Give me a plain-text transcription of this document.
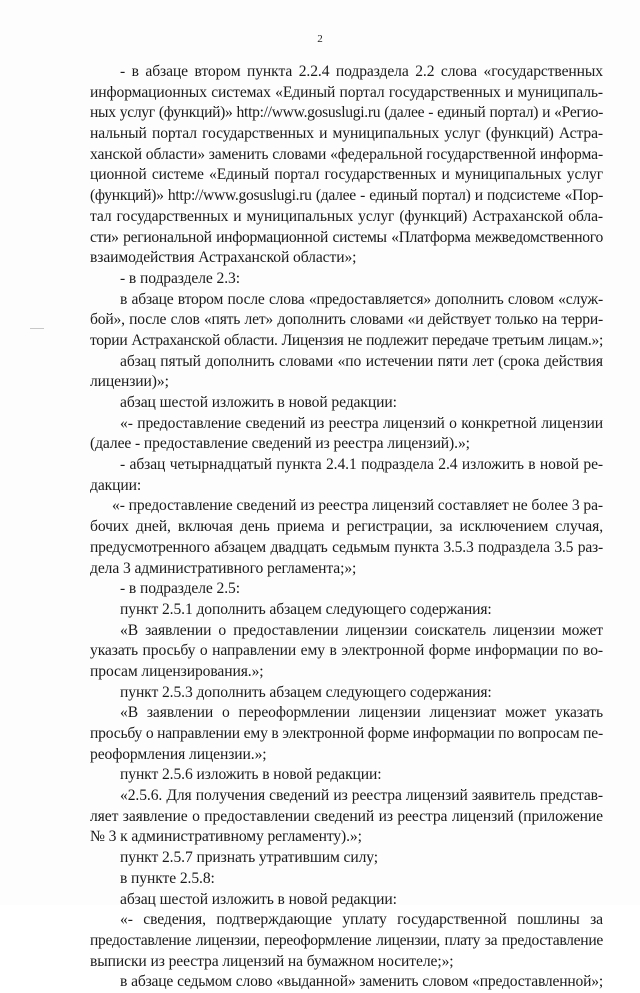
2
- в абзаце втором пункта 2.2.4 подраздела 2.2 слова «государственных
информационных системах «Единый портал государственных и муниципаль-
ных услуг (функций)» http://www.gosuslugi.ru (далее - единый портал) и «Регио-
нальный портал государственных и муниципальных услуг (функций) Астра-
ханской области» заменить словами «федеральной государственной информа-
ционной системе «Единый портал государственных и муниципальных услуг
(функций)» http://www.gosuslugi.ru (далее - единый портал) и подсистеме «Пор-
тал государственных и муниципальных услуг (функций) Астраханской обла-
сти» региональной информационной системы «Платформа межведомственного
взаимодействия Астраханской области»;
- в подразделе 2.3:
в абзаце втором после слова «предоставляется» дополнить словом «служ-
бой», после слов «пять лет» дополнить словами «и действует только на терри-
тории Астраханской области. Лицензия не подлежит передаче третьим лицам.»;
абзац пятый дополнить словами «по истечении пяти лет (срока действия
лицензии)»;
абзац шестой изложить в новой редакции:
«- предоставление сведений из реестра лицензий о конкретной лицензии
(далее - предоставление сведений из реестра лицензий).»;
- абзац четырнадцатый пункта 2.4.1 подраздела 2.4 изложить в новой ре-
дакции:
«- предоставление сведений из реестра лицензий составляет не более 3 ра-
бочих дней, включая день приема и регистрации, за исключением случая,
предусмотренного абзацем двадцать седьмым пункта 3.5.3 подраздела 3.5 раз-
дела 3 административного регламента;»;
- в подразделе 2.5:
пункт 2.5.1 дополнить абзацем следующего содержания:
«В заявлении о предоставлении лицензии соискатель лицензии может
указать просьбу о направлении ему в электронной форме информации по во-
просам лицензирования.»;
пункт 2.5.3 дополнить абзацем следующего содержания:
«В заявлении о переоформлении лицензии лицензиат может указать
просьбу о направлении ему в электронной форме информации по вопросам пе-
реоформления лицензии.»;
пункт 2.5.6 изложить в новой редакции:
«2.5.6. Для получения сведений из реестра лицензий заявитель представ-
ляет заявление о предоставлении сведений из реестра лицензий (приложение
№ 3 к административному регламенту).»;
пункт 2.5.7 признать утратившим силу;
в пункте 2.5.8:
абзац шестой изложить в новой редакции:
«- сведения, подтверждающие уплату государственной пошлины за
предоставление лицензии, переоформление лицензии, плату за предоставление
выписки из реестра лицензий на бумажном носителе;»;
в абзаце седьмом слово «выданной» заменить словом «предоставленной»;
